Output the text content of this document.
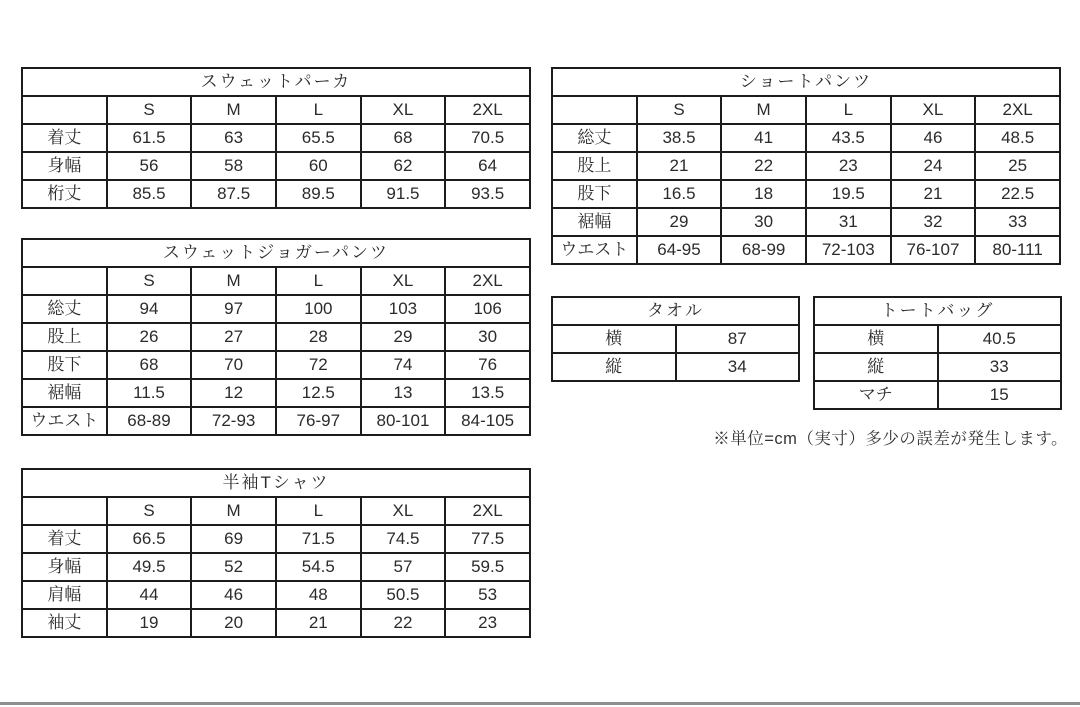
スウェットパーカ					
	S	M	L	XL	2XL
着丈	61.5	63	65.5	68	70.5
身幅	56	58	60	62	64
桁丈	85.5	87.5	89.5	91.5	93.5
ショートパンツ					
	S	M	L	XL	2XL
総丈	38.5	41	43.5	46	48.5
股上	21	22	23	24	25
股下	16.5	18	19.5	21	22.5
裾幅	29	30	31	32	33
ウエスト	64-95	68-99	72-103	76-107	80-111
スウェットジョガーパンツ					
	S	M	L	XL	2XL
総丈	94	97	100	103	106
股上	26	27	28	29	30
股下	68	70	72	74	76
裾幅	11.5	12	12.5	13	13.5
ウエスト	68-89	72-93	76-97	80-101	84-105
タオル	
横	87
縦	34
トートバッグ	
横	40.5
縦	33
マチ	15
半袖Tシャツ					
	S	M	L	XL	2XL
着丈	66.5	69	71.5	74.5	77.5
身幅	49.5	52	54.5	57	59.5
肩幅	44	46	48	50.5	53
袖丈	19	20	21	22	23
※単位=cm（実寸）多少の誤差が発生します。
